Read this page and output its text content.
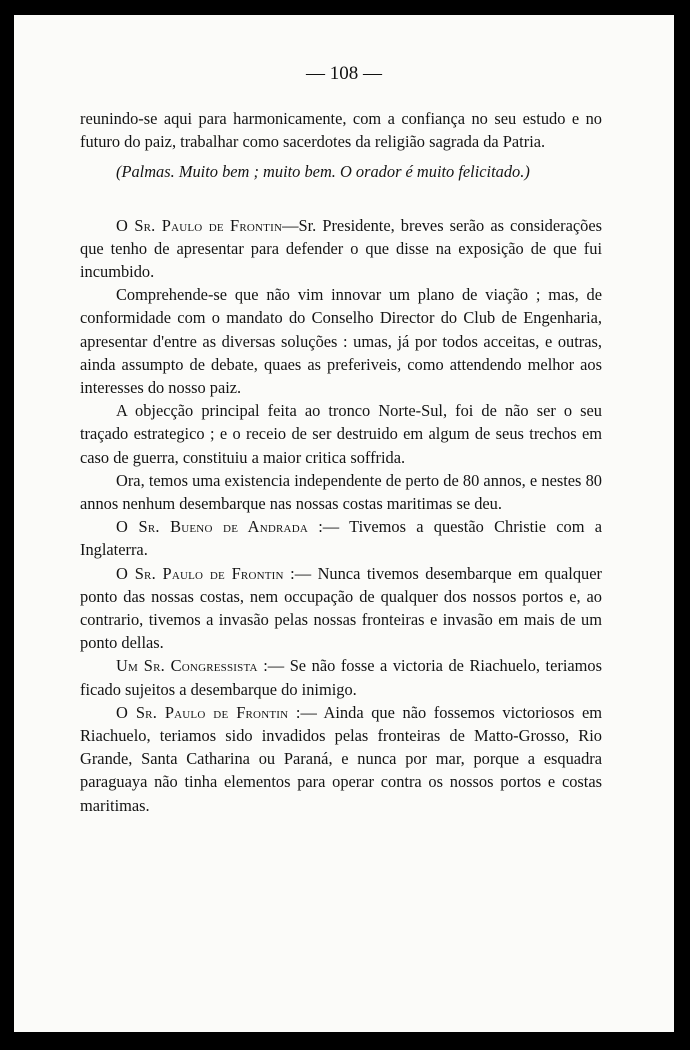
— 108 —

reunindo-se aqui para harmonicamente, com a confiança no seu estudo e no futuro do paiz, trabalhar como sacerdotes da religião sagrada da Patria.

(Palmas. Muito bem ; muito bem. O orador é muito felicitado.)

O Sr. Paulo de Frontin—Sr. Presidente, breves serão as considerações que tenho de apresentar para defender o que disse na exposição de que fui incumbido.

Comprehende-se que não vim innovar um plano de viação ; mas, de conformidade com o mandato do Conselho Director do Club de Engenharia, apresentar d'entre as diversas soluções : umas, já por todos acceitas, e outras, ainda assumpto de debate, quaes as preferiveis, como attendendo melhor aos interesses do nosso paiz.

A objecção principal feita ao tronco Norte-Sul, foi de não ser o seu traçado estrategico ; e o receio de ser destruido em algum de seus trechos em caso de guerra, constituiu a maior critica soffrida.

Ora, temos uma existencia independente de perto de 80 annos, e nestes 80 annos nenhum desembarque nas nossas costas maritimas se deu.

O Sr. Bueno de Andrada :— Tivemos a questão Christie com a Inglaterra.

O Sr. Paulo de Frontin :— Nunca tivemos desembarque em qualquer ponto das nossas costas, nem occupação de qualquer dos nossos portos e, ao contrario, tivemos a invasão pelas nossas fronteiras e invasão em mais de um ponto dellas.

Um Sr. Congressista :— Se não fosse a victoria de Riachuelo, teriamos ficado sujeitos a desembarque do inimigo.

O Sr. Paulo de Frontin :— Ainda que não fossemos victoriosos em Riachuelo, teriamos sido invadidos pelas fronteiras de Matto-Grosso, Rio Grande, Santa Catharina ou Paraná, e nunca por mar, porque a esquadra paraguaya não tinha elementos para operar contra os nossos portos e costas maritimas.
